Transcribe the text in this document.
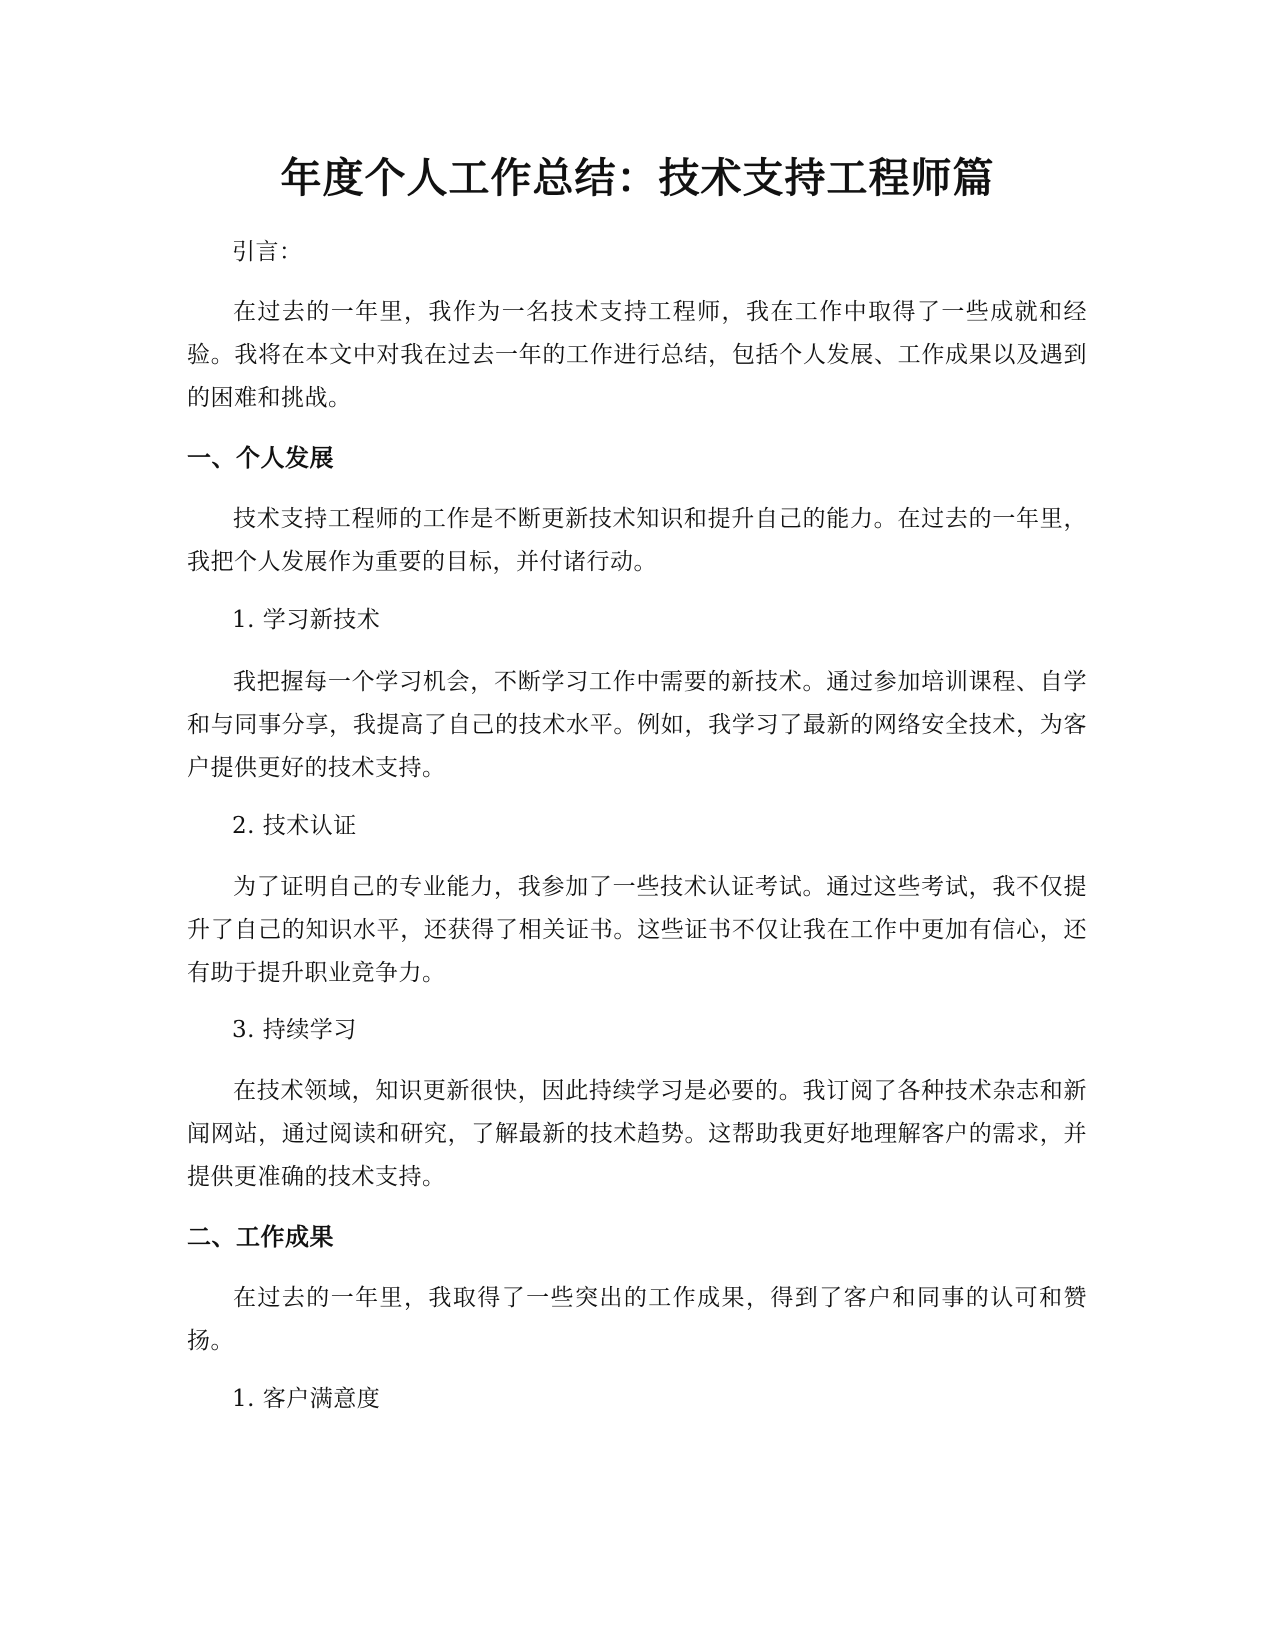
年度个人工作总结：技术支持工程师篇

引言：

在过去的一年里，我作为一名技术支持工程师，我在工作中取得了一些成就和经验。我将在本文中对我在过去一年的工作进行总结，包括个人发展、工作成果以及遇到的困难和挑战。

一、个人发展

技术支持工程师的工作是不断更新技术知识和提升自己的能力。在过去的一年里，我把个人发展作为重要的目标，并付诸行动。

1. 学习新技术

我把握每一个学习机会，不断学习工作中需要的新技术。通过参加培训课程、自学和与同事分享，我提高了自己的技术水平。例如，我学习了最新的网络安全技术，为客户提供更好的技术支持。

2. 技术认证

为了证明自己的专业能力，我参加了一些技术认证考试。通过这些考试，我不仅提升了自己的知识水平，还获得了相关证书。这些证书不仅让我在工作中更加有信心，还有助于提升职业竞争力。

3. 持续学习

在技术领域，知识更新很快，因此持续学习是必要的。我订阅了各种技术杂志和新闻网站，通过阅读和研究，了解最新的技术趋势。这帮助我更好地理解客户的需求，并提供更准确的技术支持。

二、工作成果

在过去的一年里，我取得了一些突出的工作成果，得到了客户和同事的认可和赞扬。

1. 客户满意度
